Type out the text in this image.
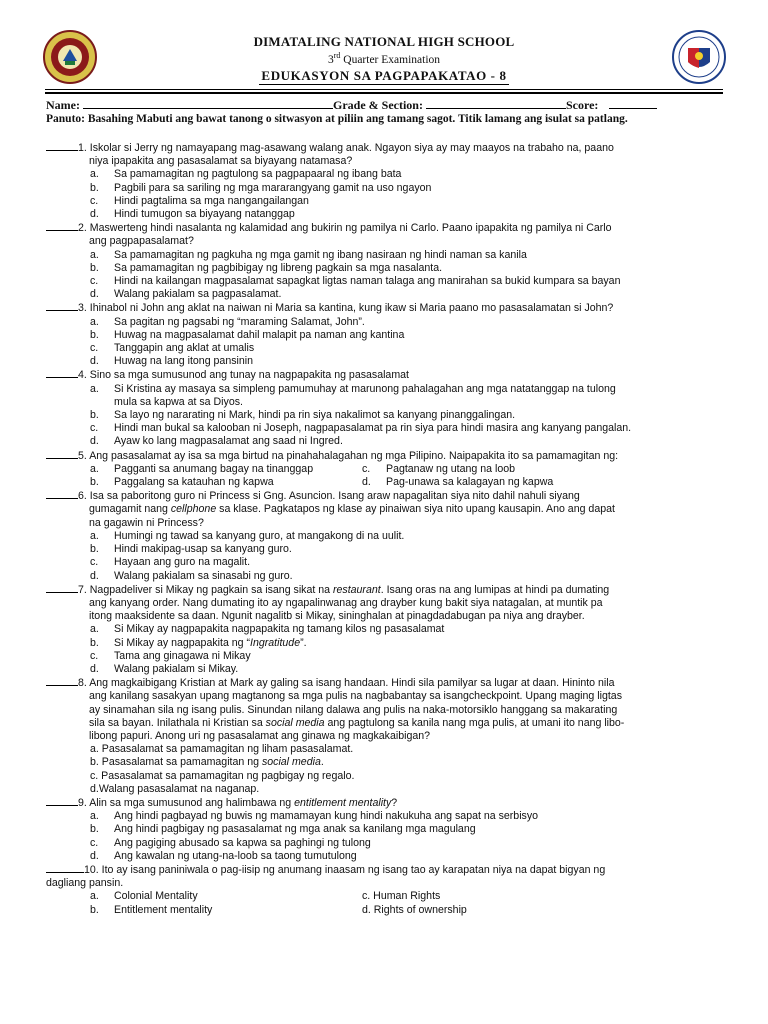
DIMATALING NATIONAL HIGH SCHOOL
3rd Quarter Examination
EDUKASYON SA PAGPAPAKATAO - 8
Name:	Grade & Section:	Score:
Panuto: Basahing Mabuti ang bawat tanong o sitwasyon at piliin ang tamang sagot. Titik lamang ang isulat sa patlang.
1. Iskolar si Jerry ng namayapang mag-asawang walang anak. Ngayon siya ay may maayos na trabaho na, paano
niya ipapakita ang pasasalamat sa biyayang natamasa?
a. Sa pamamagitan ng pagtulong sa pagpapaaral ng ibang bata
b. Pagbili para sa sariling ng mga mararangyang gamit na uso ngayon
c. Hindi pagtalima sa mga nangangailangan
d. Hindi tumugon sa biyayang natanggap
2. Maswerteng hindi nasalanta ng kalamidad ang bukirin ng pamilya ni Carlo. Paano ipapakita ng pamilya ni Carlo
ang pagpapasalamat?
a. Sa pamamagitan ng pagkuha ng mga gamit ng ibang nasiraan ng hindi naman sa kanila
b. Sa pamamagitan ng pagbibigay ng libreng pagkain sa mga nasalanta.
c. Hindi na kailangan magpasalamat sapagkat ligtas naman talaga ang manirahan sa bukid kumpara sa bayan
d. Walang pakialam sa pagpasalamat.
3. Ihinabol ni John ang aklat na naiwan ni Maria sa kantina, kung ikaw si Maria paano mo pasasalamatan si John?
a. Sa pagitan ng pagsabi ng “maraming Salamat, John”.
b. Huwag na magpasalamat dahil malapit pa naman ang kantina
c. Tanggapin ang aklat at umalis
d. Huwag na lang itong pansinin
4. Sino sa mga sumusunod ang tunay na nagpapakita ng pasasalamat
a. Si Kristina ay masaya sa simpleng pamumuhay at marunong pahalagahan ang mga natatanggap na tulong
mula sa kapwa at sa Diyos.
b. Sa layo ng nararating ni Mark, hindi pa rin siya nakalimot sa kanyang pinanggalingan.
c. Hindi man bukal sa kalooban ni Joseph, nagpapasalamat pa rin siya para hindi masira ang kanyang pangalan.
d. Ayaw ko lang magpasalamat ang saad ni Ingred.
5. Ang pasasalamat ay isa sa mga birtud na pinahahalagahan ng mga Pilipino. Naipapakita ito sa pamamagitan ng:
a. Pagganti sa anumang bagay na tinanggap	c. Pagtanaw ng utang na loob
b. Paggalang sa katauhan ng kapwa	d. Pag-unawa sa kalagayan ng kapwa
6. Isa sa paboritong guro ni Princess si Gng. Asuncion. Isang araw napagalitan siya nito dahil nahuli siyang
gumagamit nang cellphone sa klase. Pagkatapos ng klase ay pinaiwan siya nito upang kausapin. Ano ang dapat
na gagawin ni Princess?
a. Humingi ng tawad sa kanyang guro, at mangakong di na uulit.
b. Hindi makipag-usap sa kanyang guro.
c. Hayaan ang guro na magalit.
d. Walang pakialam sa sinasabi ng guro.
7. Nagpadeliver si Mikay ng pagkain sa isang sikat na restaurant. Isang oras na ang lumipas at hindi pa dumating
ang kanyang order. Nang dumating ito ay ngapalinwanag ang drayber kung bakit siya natagalan, at muntik pa
itong maaksidente sa daan. Ngunit nagalitb si Mikay, sininghalan at pinagdadabugan pa niya ang drayber.
a. Si Mikay ay nagpapakita nagpapakita ng tamang kilos ng pasasalamat
b. Si Mikay ay nagpapakita ng “Ingratitude”.
c. Tama ang ginagawa ni Mikay
d. Walang pakialam si Mikay.
8. Ang magkaibigang Kristian at Mark ay galing sa isang handaan. Hindi sila pamilyar sa lugar at daan. Hininto nila
ang kanilang sasakyan upang magtanong sa mga pulis na nagbabantay sa isangcheckpoint. Upang maging ligtas
ay sinamahan sila ng isang pulis. Sinundan nilang dalawa ang pulis na naka-motorsiklo hanggang sa makarating
sila sa bayan. Inilathala ni Kristian sa social media ang pagtulong sa kanila nang mga pulis, at umani ito nang libo-
libong papuri. Anong uri ng pasasalamat ang ginawa ng magkakaibigan?
a. Pasasalamat sa pamamagitan ng liham pasasalamat.
b. Pasasalamat sa pamamagitan ng social media.
c. Pasasalamat sa pamamagitan ng pagbigay ng regalo.
d.Walang pasasalamat na naganap.
9. Alin sa mga sumusunod ang halimbawa ng entitlement mentality?
a. Ang hindi pagbayad ng buwis ng mamamayan kung hindi nakukuha ang sapat na serbisyo
b. Ang hindi pagbigay ng pasasalamat ng mga anak sa kanilang mga magulang
c. Ang pagiging abusado sa kapwa sa paghingi ng tulong
d. Ang kawalan ng utang-na-loob sa taong tumutulong
10. Ito ay isang paniniwala o pag-iisip ng anumang inaasam ng isang tao ay karapatan niya na dapat bigyan ng
dagliang pansin.
a. Colonial Mentality	c. Human Rights
b. Entitlement mentality	d. Rights of ownership
